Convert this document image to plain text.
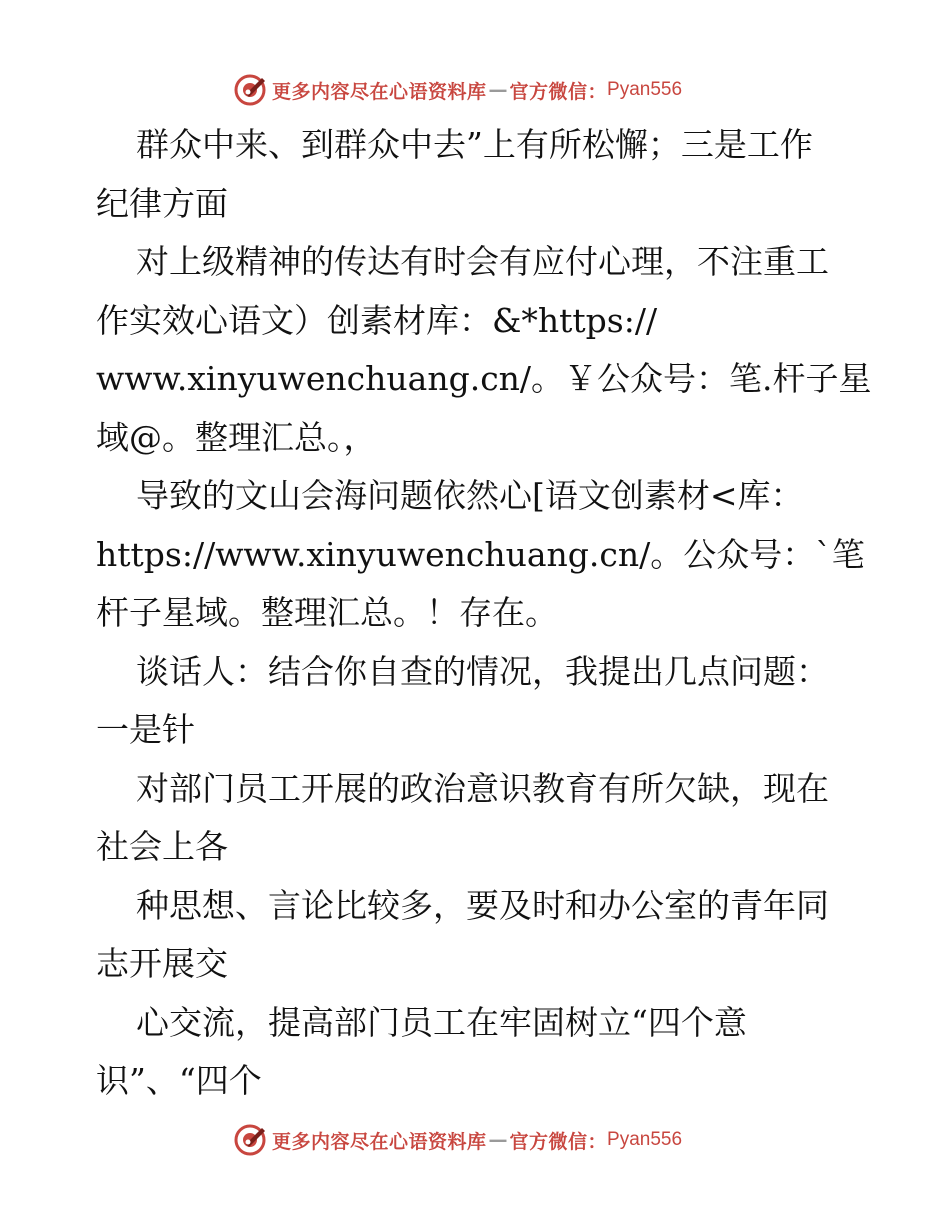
更多内容尽在心语资料库 — 官方微信： Pyan556
群众中来、到群众中去”上有所松懈；三是工作
纪律方面
对上级精神的传达有时会有应付心理，不注重工
作实效心语文）创素材库：&*https://
www.xinyuwenchuang.cn/。￥公众号：笔.杆子星
域@。整理汇总。，
导致的文山会海问题依然心[语文创素材<库：
https://www.xinyuwenchuang.cn/。公众号：`笔
杆子星域。整理汇总。！存在。
谈话人：结合你自查的情况，我提出几点问题：
一是针
对部门员工开展的政治意识教育有所欠缺，现在
社会上各
种思想、言论比较多，要及时和办公室的青年同
志开展交
心交流，提高部门员工在牢固树立“四个意
识”、“四个
更多内容尽在心语资料库 — 官方微信： Pyan556
